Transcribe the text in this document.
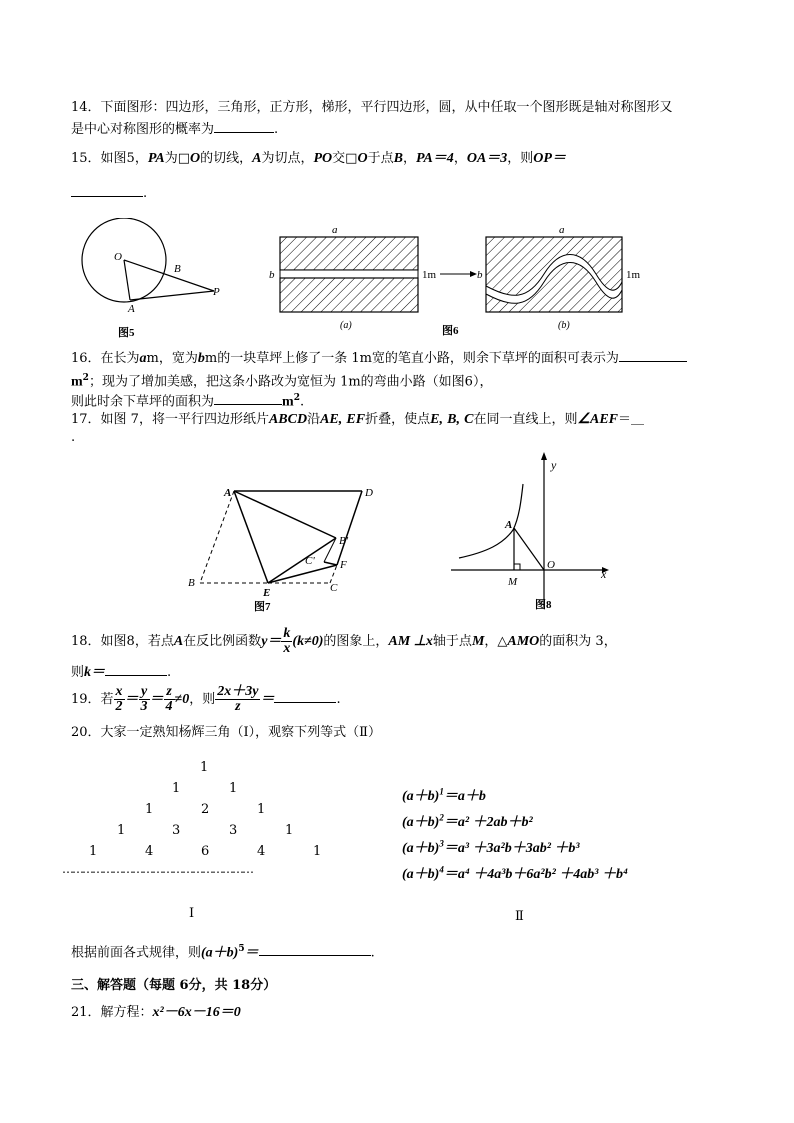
14．下面图形：四边形，三角形，正方形，梯形，平行四边形，圆，从中任取一个图形既是轴对称图形又
是中心对称图形的概率为	.
15．如图5，PA为□O的切线，A为切点，PO交□O于点B，PA＝4，OA＝3，则OP＝
.
O
B
P
A
图5
a
b	1m
(a)
a
b	1m
(b)
图6
16．在长为am，宽为bm的一块草坪上修了一条 1m宽的笔直小路，则余下草坪的面积可表示为
$m^2$；现为了增加美感，把这条小路改为宽恒为 1m的弯曲小路（如图6），
则此时余下草坪的面积为	$m^2$.
17．如图 7，将一平行四边形纸片ABCD沿AE, EF折叠，使点E, B, C在同一直线上，则∠AEF＝＿
.
A	D
B'
C' F
B
E	C
图7
y
x
A
O
M
图8
18．如图8，若点A在反比例函数$y= \frac{k}{x} (k\ne 0)$的图象上，AM ⊥x轴于点M，△AMO的面积为 3，
则k＝	.
19．若 $\frac{x}{2} = \frac{y}{3} = \frac{z}{4} \ne 0$，则 $\frac{2x+3y}{z}$ ＝	.
20．大家一定熟知杨辉三角（Ⅰ），观察下列等式（Ⅱ）
1
1	1
1	2	1
1	3	3	1
1	4	6	4	1
…………………………………………………
Ⅰ
$(a+b)^1=a+b$
$(a+b)^2=a^2 +2ab+b^2$
$(a+b)^3=a^3 +3a^2b+3ab^2 +b^3$
$(a+b)^4=a^4 +4a^3b+6a^2b^2 +4ab^3 +b^4$
Ⅱ
根据前面各式规律，则$(a+b)^5=$	.
三、解答题（每题 6分，共 18分）
21．解方程：x²－6x－16＝0
